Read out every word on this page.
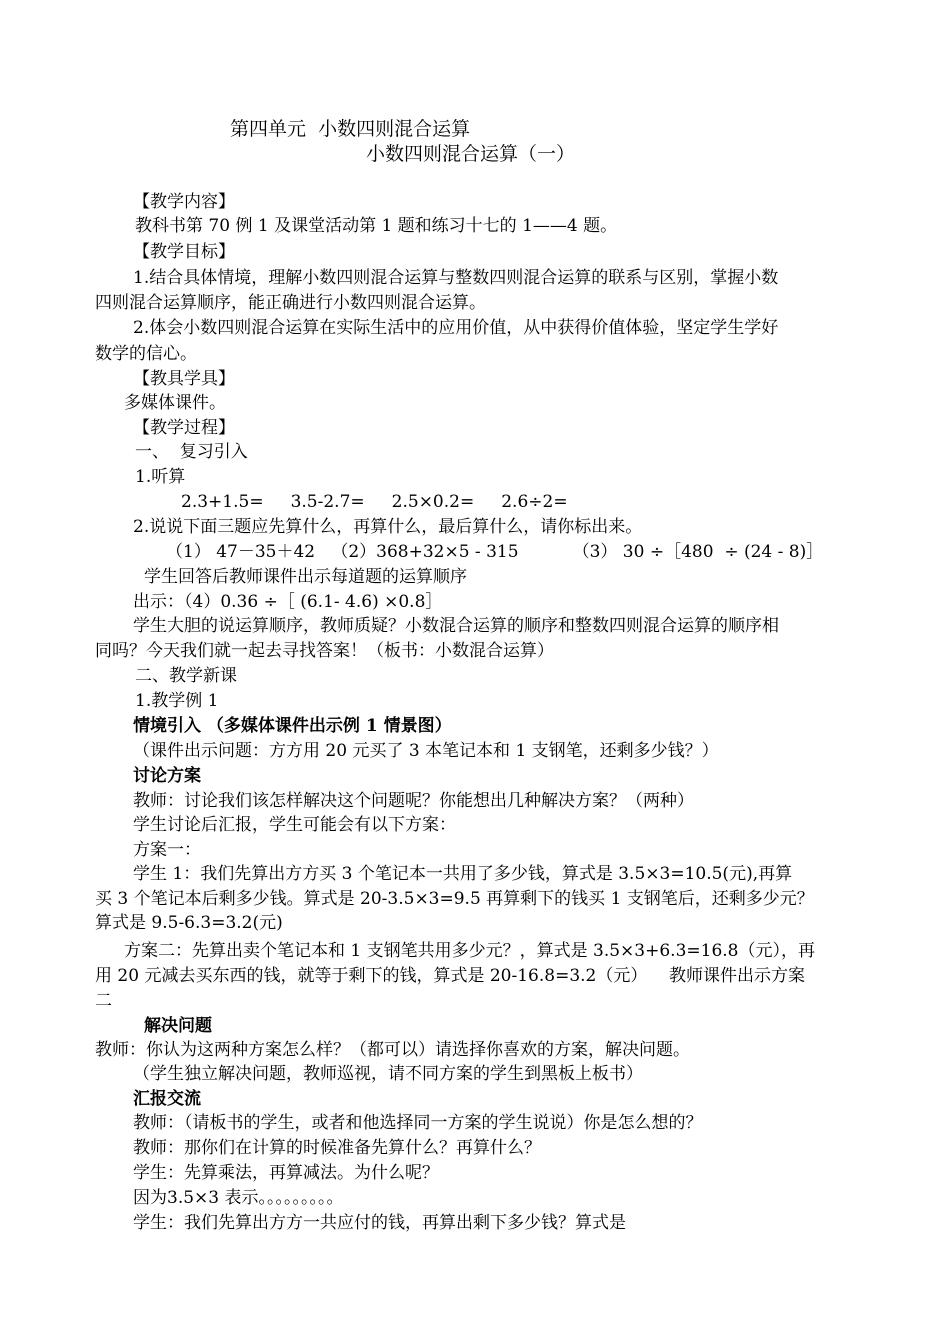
第四单元  小数四则混合运算
小数四则混合运算（一）
【教学内容】
教科书第 70 例 1 及课堂活动第 1 题和练习十七的 1——4 题。
【教学目标】
1.结合具体情境，理解小数四则混合运算与整数四则混合运算的联系与区别，掌握小数
四则混合运算顺序，能正确进行小数四则混合运算。
2.体会小数四则混合运算在实际生活中的应用价值，从中获得价值体验，坚定学生学好
数学的信心。
【教具学具】
多媒体课件。
【教学过程】
一、  复习引入
1.听算
2.3+1.5=     3.5-2.7=     2.5×0.2=     2.6÷2=
2.说说下面三题应先算什么，再算什么，最后算什么，请你标出来。
（1） 47－35＋42   （2）368+32×5 - 315          （3） 30 ÷［480  ÷ (24 - 8)］
学生回答后教师课件出示每道题的运算顺序
出示：（4）0.36 ÷［ (6.1- 4.6) ×0.8］
学生大胆的说运算顺序，教师质疑？小数混合运算的顺序和整数四则混合运算的顺序相
同吗？今天我们就一起去寻找答案！（板书：小数混合运算）
二、教学新课
1.教学例 1
情境引入 （多媒体课件出示例 1 情景图）
（课件出示问题：方方用 20 元买了 3 本笔记本和 1 支钢笔，还剩多少钱？）
讨论方案
教师：讨论我们该怎样解决这个问题呢？你能想出几种解决方案？（两种）
学生讨论后汇报，学生可能会有以下方案：
方案一：
学生 1：我们先算出方方买 3 个笔记本一共用了多少钱，算式是 3.5×3=10.5(元),再算
买 3 个笔记本后剩多少钱。算式是 20-3.5×3=9.5 再算剩下的钱买 1 支钢笔后，还剩多少元？
算式是 9.5-6.3=3.2(元)
方案二：先算出卖个笔记本和 1 支钢笔共用多少元？，算式是 3.5×3+6.3=16.8（元），再
用 20 元减去买东西的钱，就等于剩下的钱，算式是 20-16.8=3.2（元）    教师课件出示方案
二
解决问题
教师：你认为这两种方案怎么样？（都可以）请选择你喜欢的方案，解决问题。
（学生独立解决问题，教师巡视，请不同方案的学生到黑板上板书）
汇报交流
教师：（请板书的学生，或者和他选择同一方案的学生说说）你是怎么想的？
教师：那你们在计算的时候准备先算什么？再算什么？
学生：先算乘法，再算减法。为什么呢？
因为3.5×3 表示。。。。。。。。。
学生：我们先算出方方一共应付的钱，再算出剩下多少钱？算式是
